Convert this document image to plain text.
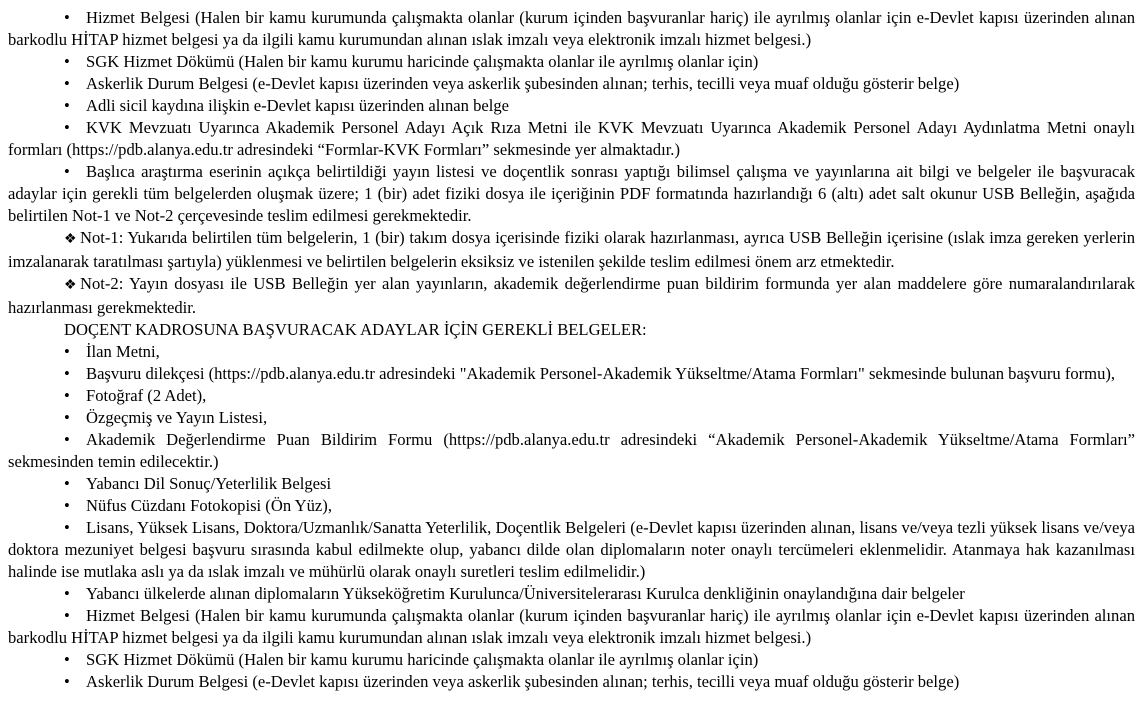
• Hizmet Belgesi (Halen bir kamu kurumunda çalışmakta olanlar (kurum içinden başvuranlar hariç) ile ayrılmış olanlar için e-Devlet kapısı üzerinden alınan barkodlu HİTAP hizmet belgesi ya da ilgili kamu kurumundan alınan ıslak imzalı veya elektronik imzalı hizmet belgesi.)

• SGK Hizmet Dökümü (Halen bir kamu kurumu haricinde çalışmakta olanlar ile ayrılmış olanlar için)

• Askerlik Durum Belgesi (e-Devlet kapısı üzerinden veya askerlik şubesinden alınan; terhis, tecilli veya muaf olduğu gösterir belge)

• Adli sicil kaydına ilişkin e-Devlet kapısı üzerinden alınan belge

• KVK Mevzuatı Uyarınca Akademik Personel Adayı Açık Rıza Metni ile KVK Mevzuatı Uyarınca Akademik Personel Adayı Aydınlatma Metni onaylı formları (https://pdb.alanya.edu.tr adresindeki “Formlar-KVK Formları” sekmesinde yer almaktadır.)

• Başlıca araştırma eserinin açıkça belirtildiği yayın listesi ve doçentlik sonrası yaptığı bilimsel çalışma ve yayınlarına ait bilgi ve belgeler ile başvuracak adaylar için gerekli tüm belgelerden oluşmak üzere; 1 (bir) adet fiziki dosya ile içeriğinin PDF formatında hazırlandığı 6 (altı) adet salt okunur USB Belleğin, aşağıda belirtilen Not-1 ve Not-2 çerçevesinde teslim edilmesi gerekmektedir.

❖ Not-1: Yukarıda belirtilen tüm belgelerin, 1 (bir) takım dosya içerisinde fiziki olarak hazırlanması, ayrıca USB Belleğin içerisine (ıslak imza gereken yerlerin imzalanarak taratılması şartıyla) yüklenmesi ve belirtilen belgelerin eksiksiz ve istenilen şekilde teslim edilmesi önem arz etmektedir.

❖ Not-2: Yayın dosyası ile USB Belleğin yer alan yayınların, akademik değerlendirme puan bildirim formunda yer alan maddelere göre numaralandırılarak hazırlanması gerekmektedir.

DOÇENT KADROSUNA BAŞVURACAK ADAYLAR İÇİN GEREKLİ BELGELER:

• İlan Metni,

• Başvuru dilekçesi (https://pdb.alanya.edu.tr adresindeki "Akademik Personel-Akademik Yükseltme/Atama Formları" sekmesinde bulunan başvuru formu),

• Fotoğraf (2 Adet),

• Özgeçmiş ve Yayın Listesi,

• Akademik Değerlendirme Puan Bildirim Formu (https://pdb.alanya.edu.tr adresindeki “Akademik Personel-Akademik Yükseltme/Atama Formları” sekmesinden temin edilecektir.)

• Yabancı Dil Sonuç/Yeterlilik Belgesi

• Nüfus Cüzdanı Fotokopisi (Ön Yüz),

• Lisans, Yüksek Lisans, Doktora/Uzmanlık/Sanatta Yeterlilik, Doçentlik Belgeleri (e-Devlet kapısı üzerinden alınan, lisans ve/veya tezli yüksek lisans ve/veya doktora mezuniyet belgesi başvuru sırasında kabul edilmekte olup, yabancı dilde olan diplomaların noter onaylı tercümeleri eklenmelidir. Atanmaya hak kazanılması halinde ise mutlaka aslı ya da ıslak imzalı ve mühürlü olarak onaylı suretleri teslim edilmelidir.)

• Yabancı ülkelerde alınan diplomaların Yükseköğretim Kurulunca/Üniversitelerarası Kurulca denkliğinin onaylandığına dair belgeler

• Hizmet Belgesi (Halen bir kamu kurumunda çalışmakta olanlar (kurum içinden başvuranlar hariç) ile ayrılmış olanlar için e-Devlet kapısı üzerinden alınan barkodlu HİTAP hizmet belgesi ya da ilgili kamu kurumundan alınan ıslak imzalı veya elektronik imzalı hizmet belgesi.)

• SGK Hizmet Dökümü (Halen bir kamu kurumu haricinde çalışmakta olanlar ile ayrılmış olanlar için)

• Askerlik Durum Belgesi (e-Devlet kapısı üzerinden veya askerlik şubesinden alınan; terhis, tecilli veya muaf olduğu gösterir belge)
